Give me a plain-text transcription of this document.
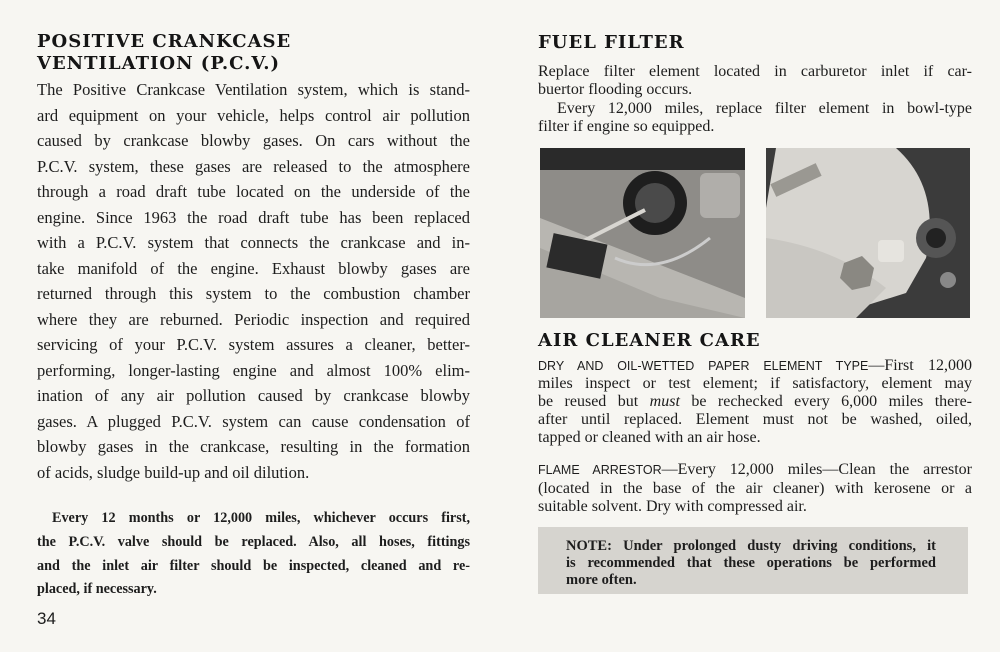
POSITIVE CRANKCASE
VENTILATION (P.C.V.)
The Positive Crankcase Ventilation system, which is stand-
ard equipment on your vehicle, helps control air pollution
caused by crankcase blowby gases. On cars without the
P.C.V. system, these gases are released to the atmosphere
through a road draft tube located on the underside of the
engine. Since 1963 the road draft tube has been replaced
with a P.C.V. system that connects the crankcase and in-
take manifold of the engine. Exhaust blowby gases are
returned through this system to the combustion chamber
where they are reburned. Periodic inspection and required
servicing of your P.C.V. system assures a cleaner, better-
performing, longer-lasting engine and almost 100% elim-
ination of any air pollution caused by crankcase blowby
gases. A plugged P.C.V. system can cause condensation of
blowby gases in the crankcase, resulting in the formation
of acids, sludge build-up and oil dilution.
Every 12 months or 12,000 miles, whichever occurs first,
the P.C.V. valve should be replaced. Also, all hoses, fittings
and the inlet air filter should be inspected, cleaned and re-
placed, if necessary.
34
FUEL FILTER
Replace filter element located in carburetor inlet if car-
buertor flooding occurs.
Every 12,000 miles, replace filter element in bowl-type
filter if engine so equipped.
AIR CLEANER CARE
DRY AND OIL-WETTED PAPER ELEMENT TYPE—First 12,000
miles inspect or test element; if satisfactory, element may
be reused but must be rechecked every 6,000 miles there-
after until replaced. Element must not be washed, oiled,
tapped or cleaned with an air hose.
FLAME ARRESTOR—Every 12,000 miles—Clean the arrestor
(located in the base of the air cleaner) with kerosene or a
suitable solvent. Dry with compressed air.
NOTE: Under prolonged dusty driving conditions, it
is recommended that these operations be performed
more often.
